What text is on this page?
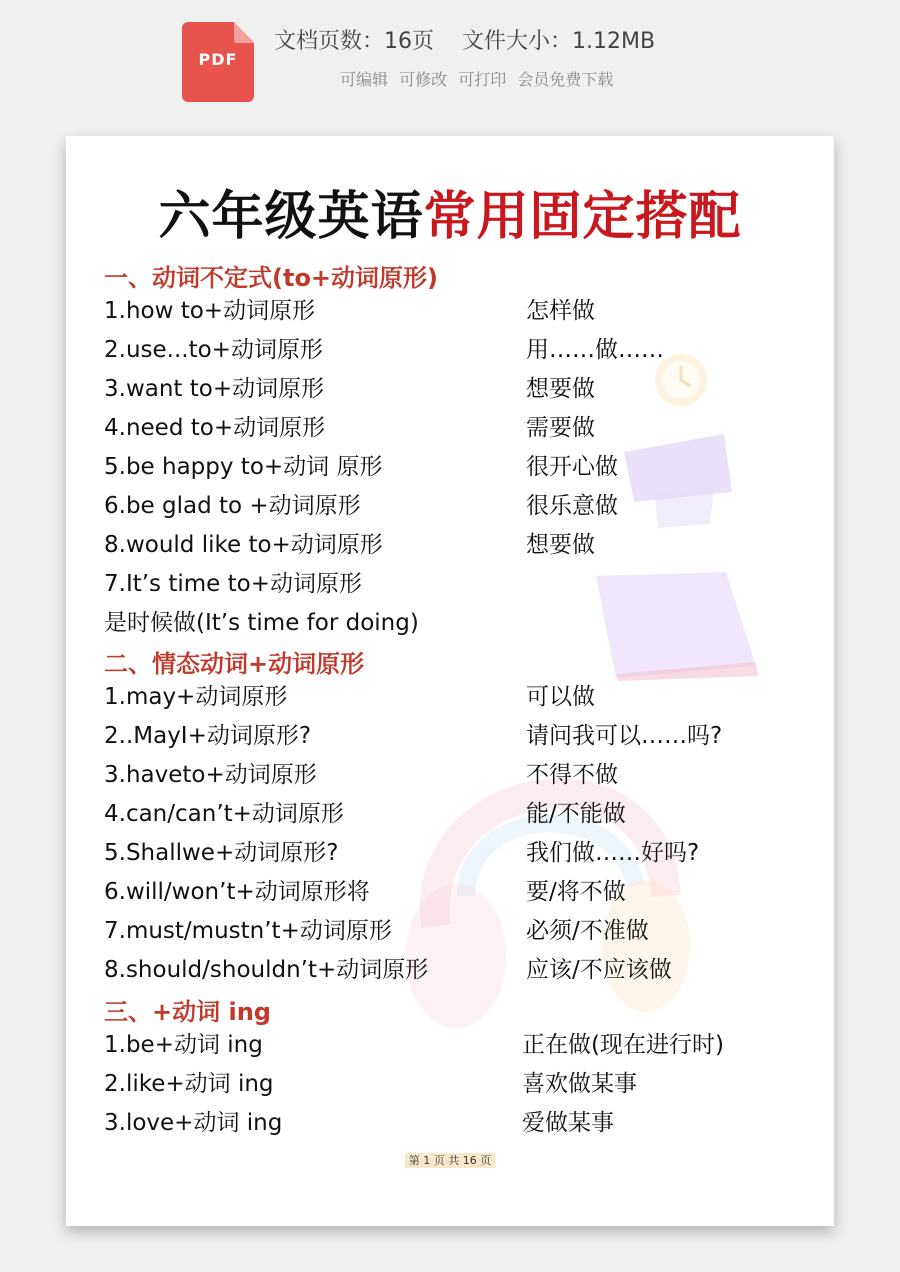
PDF
文档页数：16页 文件大小：1.12MB
可编辑 可修改 可打印 会员免费下载
六年级英语常用固定搭配
一、动词不定式(to+动词原形)
1.how to+动词原形	怎样做
2.use...to+动词原形	用……做……
3.want to+动词原形	想要做
4.need to+动词原形	需要做
5.be happy to+动词 原形	很开心做
6.be glad to +动词原形	很乐意做
8.would like to+动词原形	想要做
7.It’s time to+动词原形
是时候做(It’s time for doing)
二、情态动词+动词原形
1.may+动词原形	可以做
2..MayI+动词原形?	请问我可以……吗?
3.haveto+动词原形	不得不做
4.can/can’t+动词原形	能/不能做
5.Shallwe+动词原形?	我们做……好吗?
6.will/won’t+动词原形将	要/将不做
7.must/mustn’t+动词原形	必须/不准做
8.should/shouldn’t+动词原形	应该/不应该做
三、+动词 ing
1.be+动词 ing	正在做(现在进行时)
2.like+动词 ing	喜欢做某事
3.love+动词 ing	爱做某事
第 1 页 共 16 页
